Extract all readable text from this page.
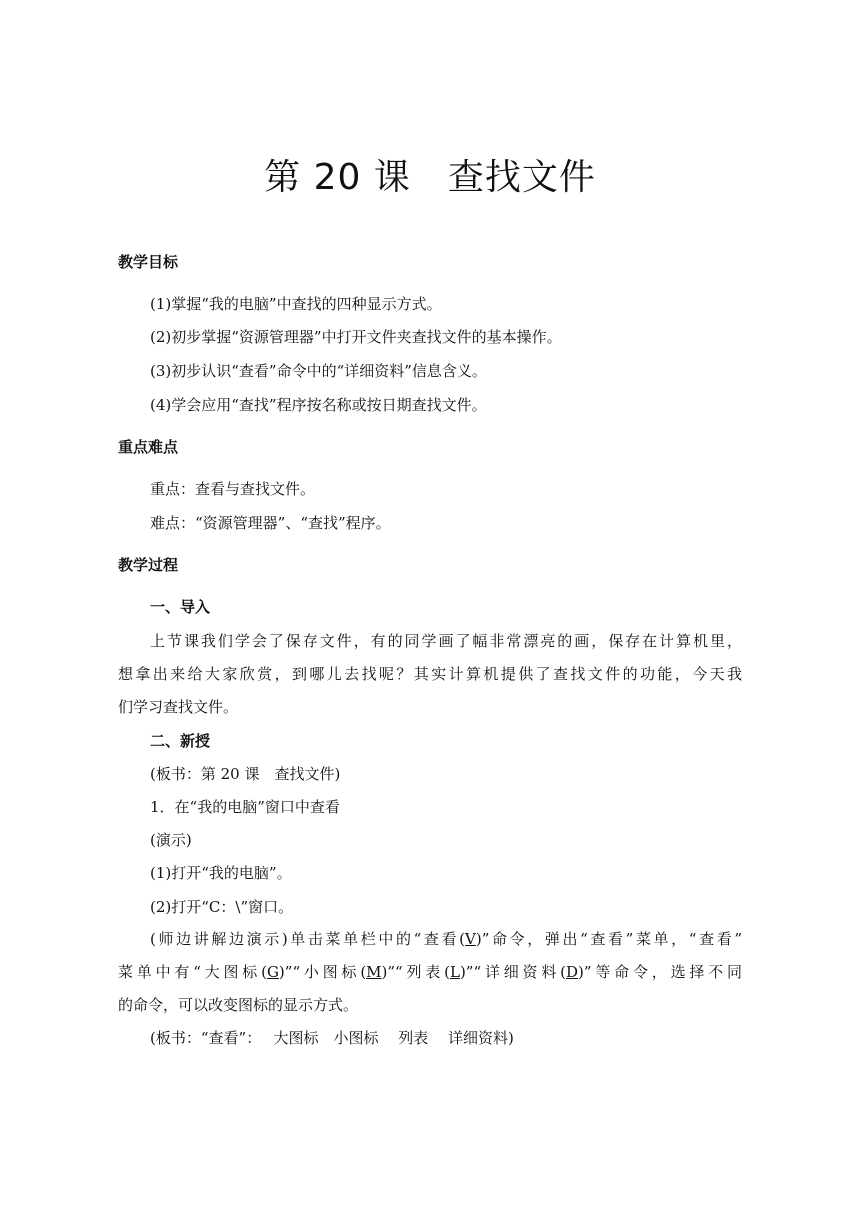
第 20 课　查找文件
教学目标
(1)掌握“我的电脑”中查找的四种显示方式。
(2)初步掌握“资源管理器”中打开文件夹查找文件的基本操作。
(3)初步认识“查看”命令中的“详细资料”信息含义。
(4)学会应用“查找”程序按名称或按日期查找文件。
重点难点
重点：查看与查找文件。
难点：“资源管理器”、“查找”程序。
教学过程
一、导入
上节课我们学会了保存文件，有的同学画了幅非常漂亮的画，保存在计算机里，
想拿出来给大家欣赏，到哪儿去找呢？其实计算机提供了查找文件的功能，今天我
们学习查找文件。
二、新授
(板书：第 20 课　查找文件)
1．在“我的电脑”窗口中查看
(演示)
(1)打开“我的电脑”。
(2)打开“C：\”窗口。
(师边讲解边演示)单击菜单栏中的“查看(V)”命令，弹出“查看”菜单，“查看”
菜单中有“大图标(G)”“小图标(M)”“列表(L)”“详细资料(D)”等命令，选择不同
的命令，可以改变图标的显示方式。
(板书：“查看”：　 大图标　小图标　 列表　 详细资料)
